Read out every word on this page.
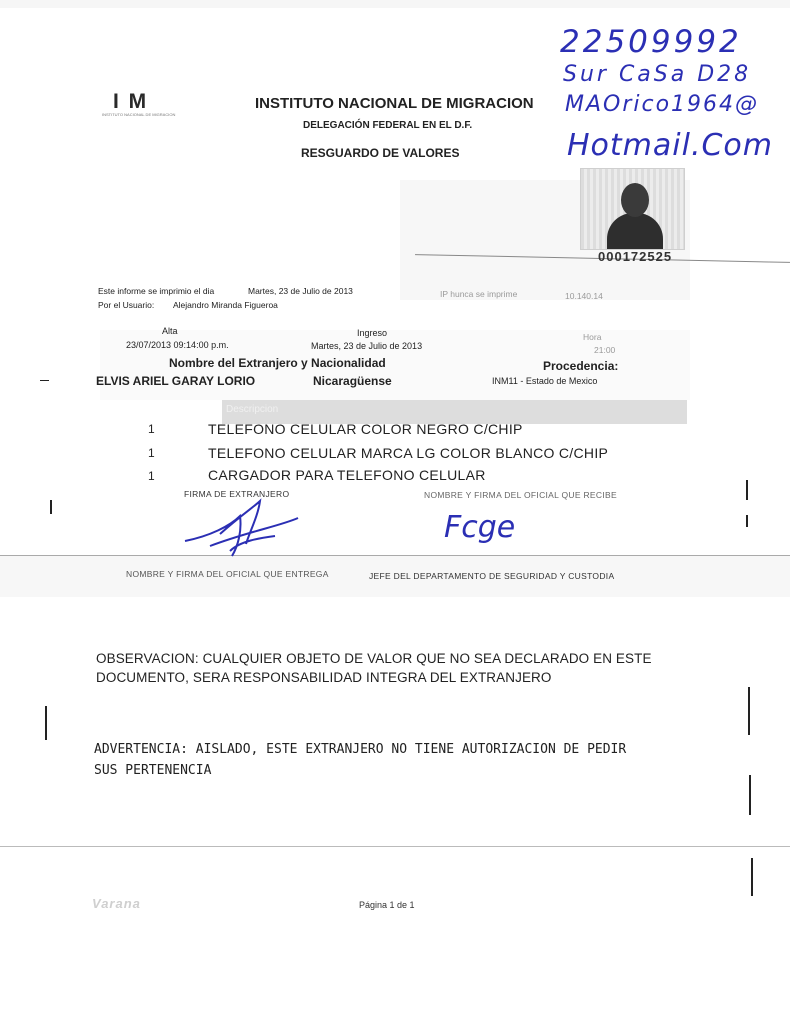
I M
INSTITUTO NACIONAL DE MIGRACION
INSTITUTO NACIONAL DE MIGRACION
DELEGACIÓN FEDERAL EN EL D.F.
RESGUARDO DE VALORES
22509992
Sur CaSa D28
MAOrico1964@
Hotmail.Com
000172525
Este informe se imprimio el dia	Martes, 23 de Julio de 2013
Por el Usuario: Alejandro Miranda Figueroa
IP hunca se imprime	10.140.14
Alta
23/07/2013 09:14:00 p.m.
Ingreso
Martes, 23 de Julio de 2013
Hora
21:00
Nombre del Extranjero y Nacionalidad
ELVIS ARIEL GARAY LORIO	Nicaragüense
Procedencia:
INM11 - Estado de Mexico
Descripcion
1	TELEFONO CELULAR COLOR NEGRO C/CHIP
1	TELEFONO CELULAR MARCA LG COLOR BLANCO C/CHIP
1	CARGADOR PARA TELEFONO CELULAR
FIRMA DE EXTRANJERO	NOMBRE Y FIRMA DEL OFICIAL QUE RECIBE
Fcge
NOMBRE Y FIRMA DEL OFICIAL QUE ENTREGA	JEFE DEL DEPARTAMENTO DE SEGURIDAD Y CUSTODIA
OBSERVACION: CUALQUIER OBJETO DE VALOR QUE NO SEA DECLARADO EN ESTE
DOCUMENTO, SERA RESPONSABILIDAD INTEGRA DEL EXTRANJERO
ADVERTENCIA: AISLADO, ESTE EXTRANJERO NO TIENE AUTORIZACION DE PEDIR
SUS PERTENENCIA
Varana	Página 1 de 1
